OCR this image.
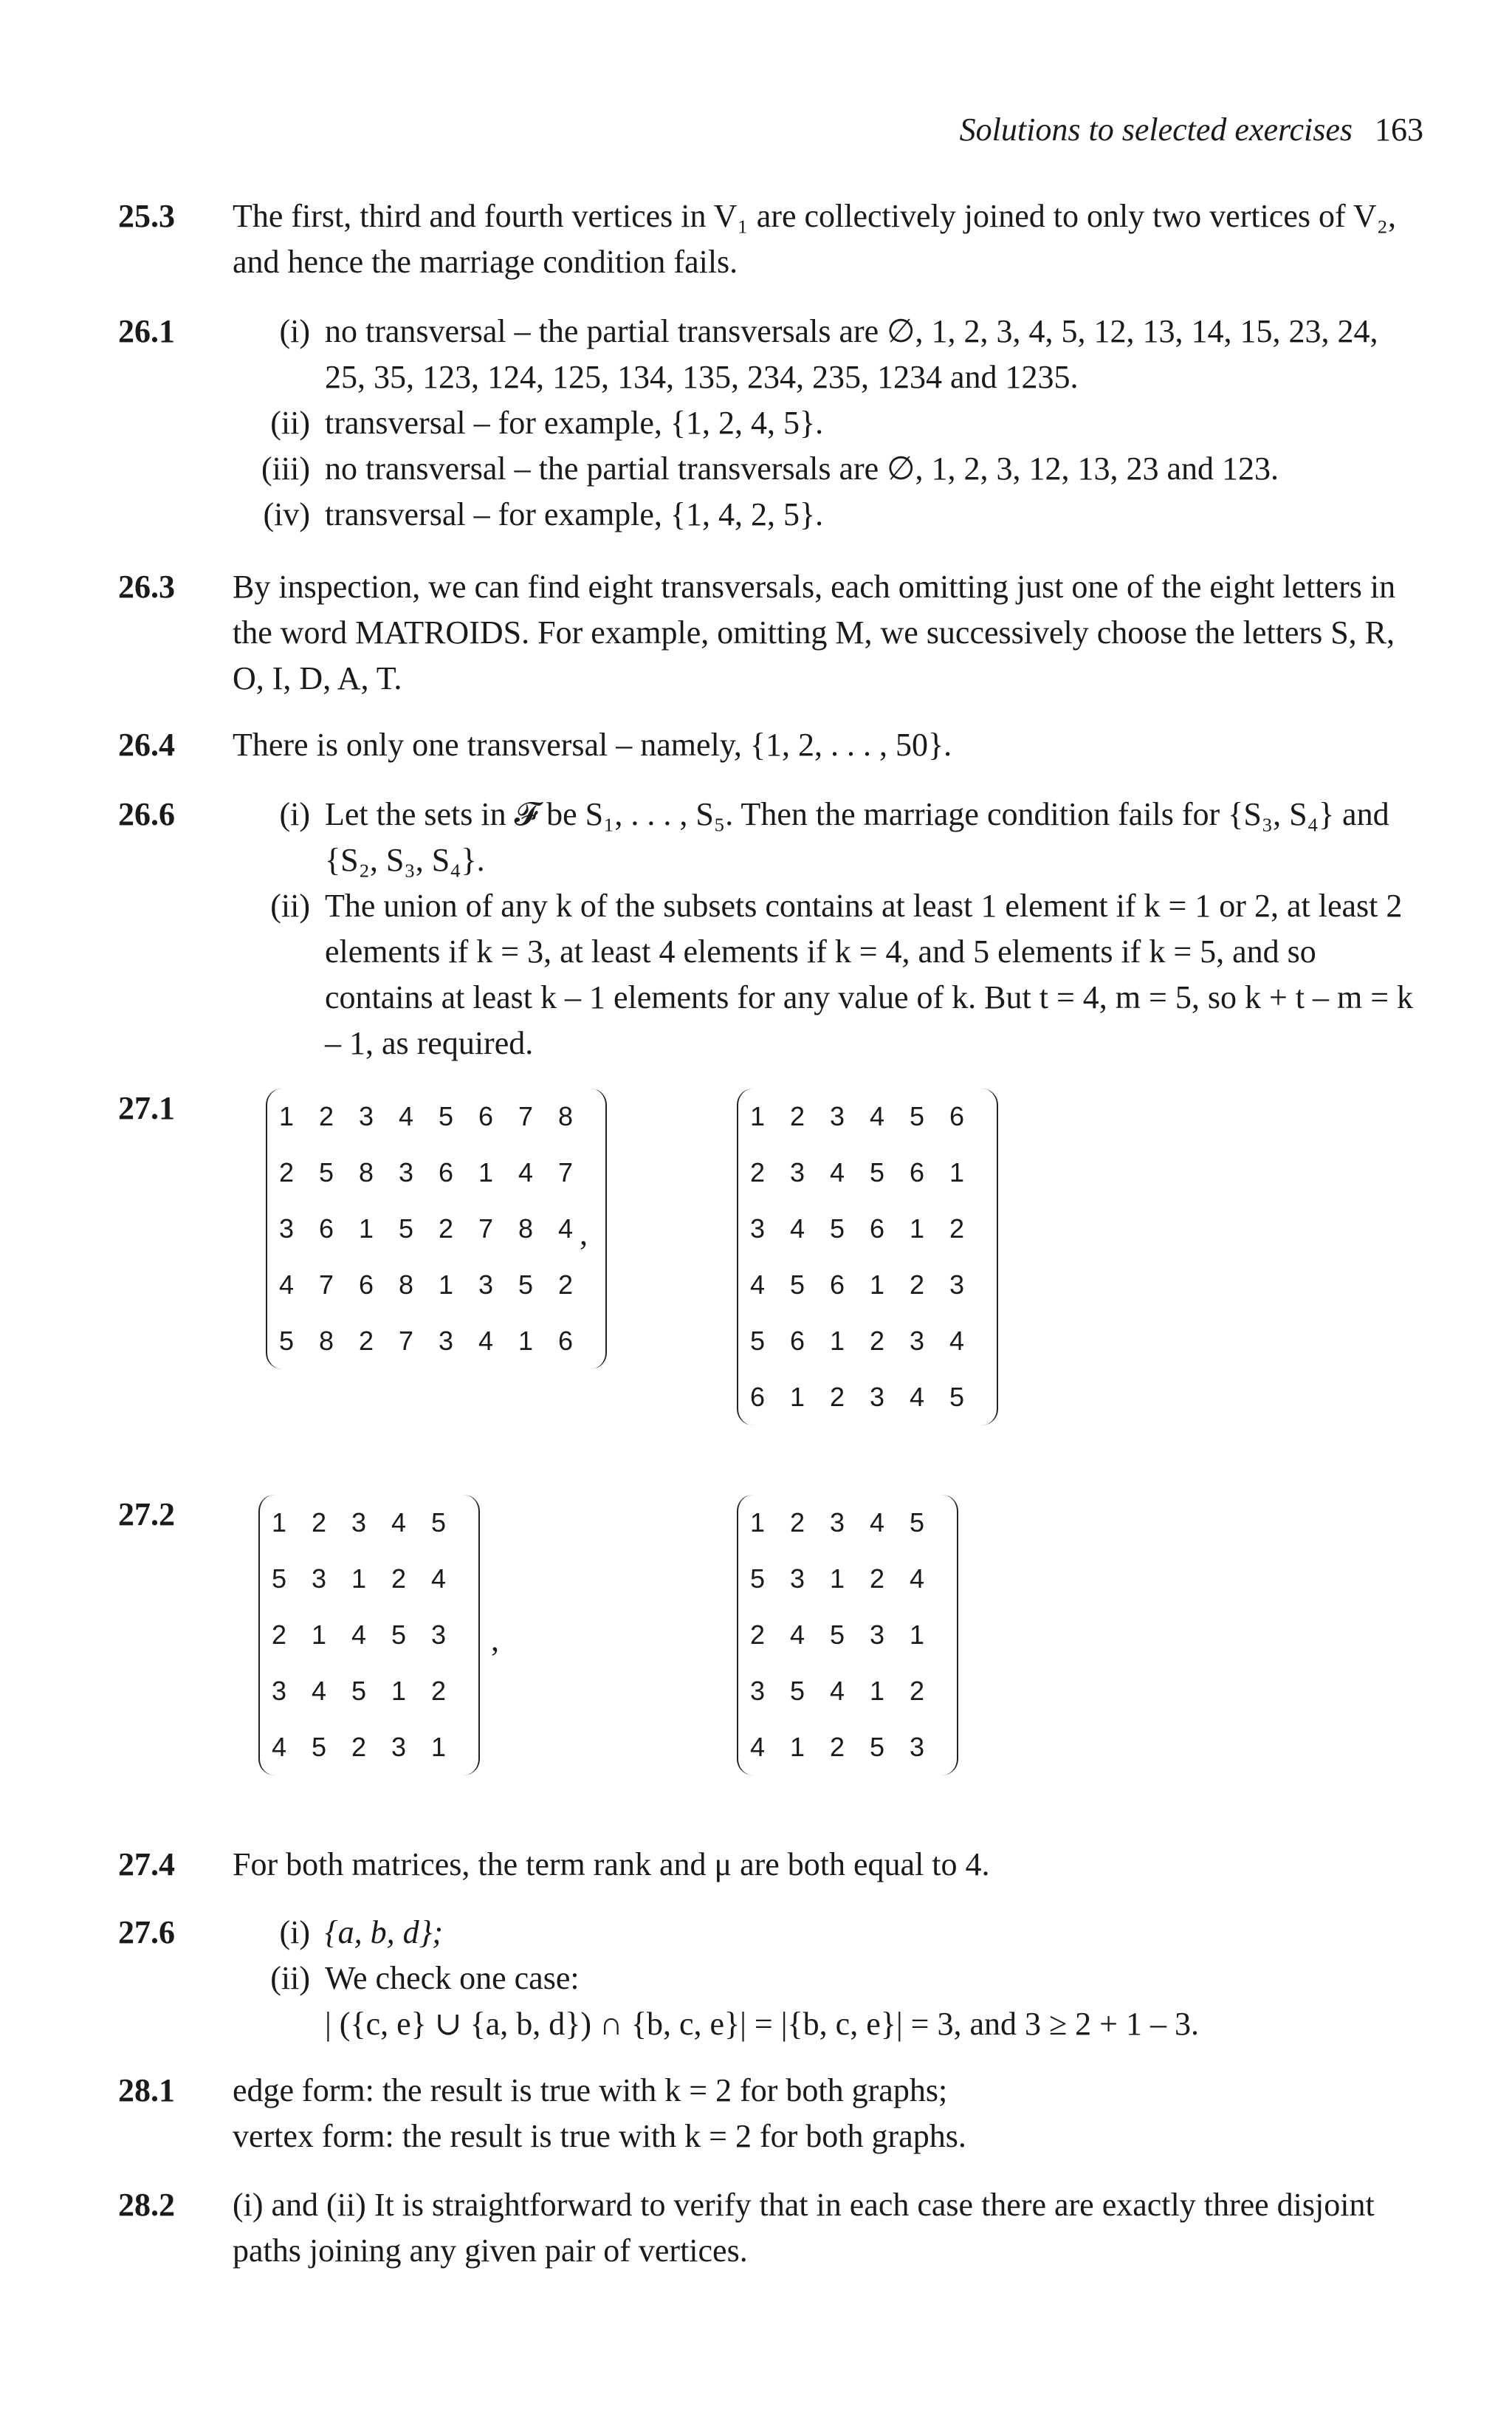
Solutions to selected exercises 163
25.3	The first, third and fourth vertices in V₁ are collectively joined to only two vertices of V₂, and hence the marriage condition fails.
26.1	(i) no transversal – the partial transversals are ∅, 1, 2, 3, 4, 5, 12, 13, 14, 15, 23, 24, 25, 35, 123, 124, 125, 134, 135, 234, 235, 1234 and 1235.
(ii) transversal – for example, {1, 2, 4, 5}.
(iii) no transversal – the partial transversals are ∅, 1, 2, 3, 12, 13, 23 and 123.
(iv) transversal – for example, {1, 4, 2, 5}.
26.3	By inspection, we can find eight transversals, each omitting just one of the eight letters in the word MATROIDS. For example, omitting M, we successively choose the letters S, R, O, I, D, A, T.
26.4	There is only one transversal – namely, {1, 2, . . . , 50}.
26.6	(i) Let the sets in 𝓕 be S₁, . . . , S₅. Then the marriage condition fails for {S₃, S₄} and {S₂, S₃, S₄}.
(ii) The union of any k of the subsets contains at least 1 element if k = 1 or 2, at least 2 elements if k = 3, at least 4 elements if k = 4, and 5 elements if k = 5, and so contains at least k – 1 elements for any value of k. But t = 4, m = 5, so k + t – m = k – 1, as required.
27.1	1 2 3 4 5 6 7 8
2 5 8 3 6 1 4 7
3 6 1 5 2 7 8 4
4 7 6 8 1 3 5 2
5 8 2 7 3 4 1 6
,
1 2 3 4 5 6
2 3 4 5 6 1
3 4 5 6 1 2
4 5 6 1 2 3
5 6 1 2 3 4
6 1 2 3 4 5
27.2	1 2 3 4 5
5 3 1 2 4
2 1 4 5 3
3 4 5 1 2
4 5 2 3 1
,
1 2 3 4 5
5 3 1 2 4
2 4 5 3 1
3 5 4 1 2
4 1 2 5 3
27.4	For both matrices, the term rank and μ are both equal to 4.
27.6	(i) {a, b, d};
(ii) We check one case:
| ({c, e} ∪ {a, b, d}) ∩ {b, c, e}| = |{b, c, e}| = 3, and 3 ≥ 2 + 1 – 3.
28.1	edge form: the result is true with k = 2 for both graphs;
vertex form: the result is true with k = 2 for both graphs.
28.2	(i) and (ii) It is straightforward to verify that in each case there are exactly three disjoint paths joining any given pair of vertices.
